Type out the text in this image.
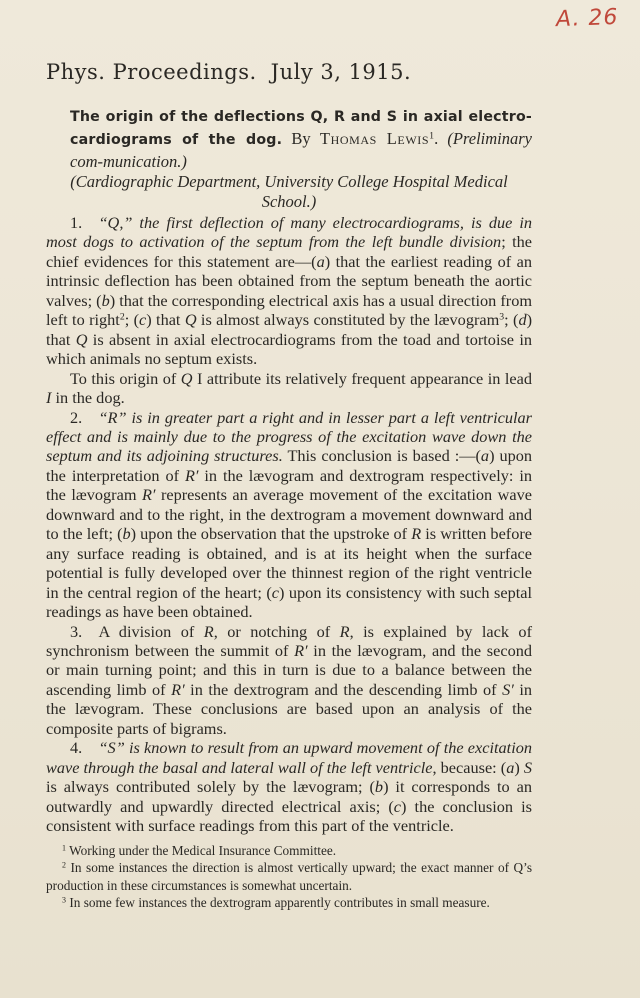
A. 26
Phys. Proceedings. July 3, 1915.
The origin of the deflections Q, R and S in axial electro-cardiograms of the dog. By Thomas Lewis$^1$. (Preliminary com-munication.)
(Cardiographic Department, University College Hospital Medical School.)

1.   “Q,” the first deflection of many electrocardiograms, is due in most dogs to activation of the septum from the left bundle division; the chief evidences for this statement are—(a) that the earliest reading of an intrinsic deflection has been obtained from the septum beneath the aortic valves; (b) that the corresponding electrical axis has a usual direction from left to right$^2$; (c) that Q is almost always constituted by the lævogram$^3$; (d) that Q is absent in axial electrocardiograms from the toad and tortoise in which animals no septum exists.

To this origin of Q I attribute its relatively frequent appearance in lead I in the dog.

2.   “R” is in greater part a right and in lesser part a left ventricular effect and is mainly due to the progress of the excitation wave down the septum and its adjoining structures. This conclusion is based :—(a) upon the interpretation of R′ in the lævogram and dextrogram respectively: in the lævogram R′ represents an average movement of the excitation wave downward and to the right, in the dextrogram a movement downward and to the left; (b) upon the observation that the upstroke of R is written before any surface reading is obtained, and is at its height when the surface potential is fully developed over the thinnest region of the right ventricle in the central region of the heart; (c) upon its consistency with such septal readings as have been obtained.

3.   A division of R, or notching of R, is explained by lack of synchronism between the summit of R′ in the lævogram, and the second or main turning point; and this in turn is due to a balance between the ascending limb of R′ in the dextrogram and the descending limb of S′ in the lævogram. These conclusions are based upon an analysis of the composite parts of bigrams.

4.   “S” is known to result from an upward movement of the excitation wave through the basal and lateral wall of the left ventricle, because: (a) S is always contributed solely by the lævogram; (b) it corresponds to an outwardly and upwardly directed electrical axis; (c) the conclusion is consistent with surface readings from this part of the ventricle.

$^1$ Working under the Medical Insurance Committee.

$^2$ In some instances the direction is almost vertically upward; the exact manner of Q’s production in these circumstances is somewhat uncertain.

$^3$ In some few instances the dextrogram apparently contributes in small measure.
